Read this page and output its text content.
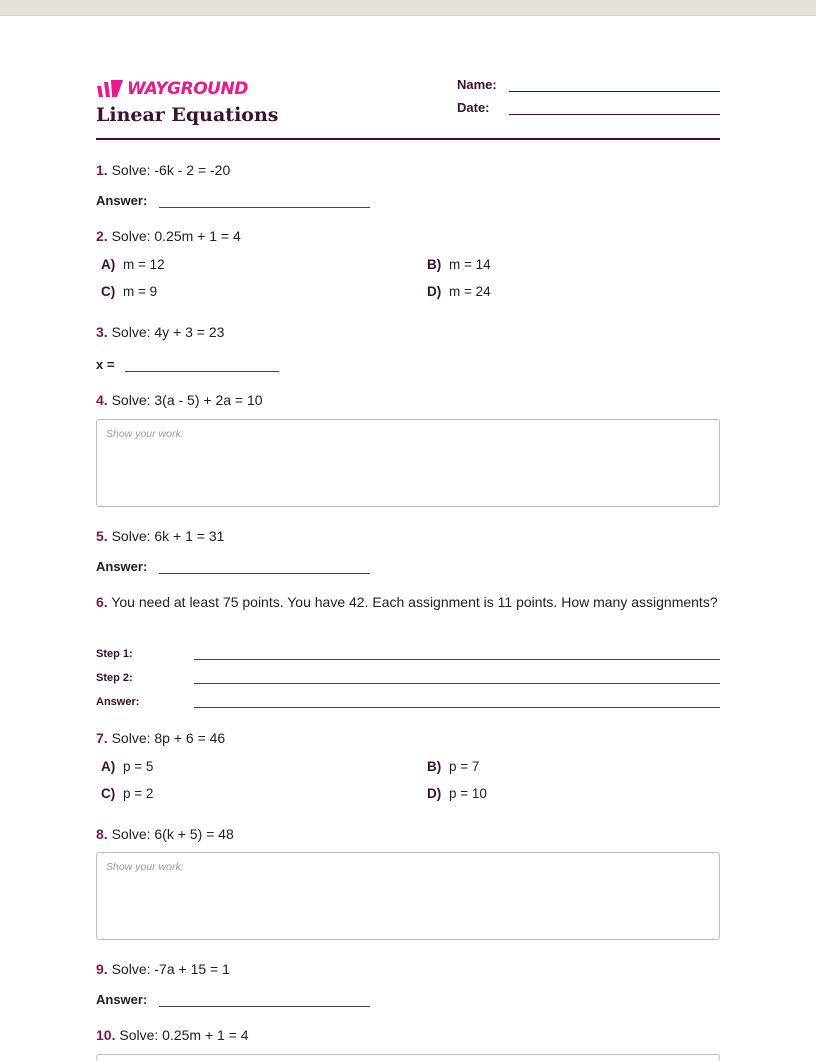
WAYGROUND
Linear Equations
Name:
Date:
1. Solve: -6k - 2 = -20
Answer:
2. Solve: 0.25m + 1 = 4
A) m = 12	B) m = 14
C) m = 9	D) m = 24
3. Solve: 4y + 3 = 23
x =
4. Solve: 3(a - 5) + 2a = 10
Show your work:
5. Solve: 6k + 1 = 31
Answer:
6. You need at least 75 points. You have 42. Each assignment is 11 points. How many assignments?
Step 1:
Step 2:
Answer:
7. Solve: 8p + 6 = 46
A) p = 5	B) p = 7
C) p = 2	D) p = 10
8. Solve: 6(k + 5) = 48
Show your work:
9. Solve: -7a + 15 = 1
Answer:
10. Solve: 0.25m + 1 = 4
